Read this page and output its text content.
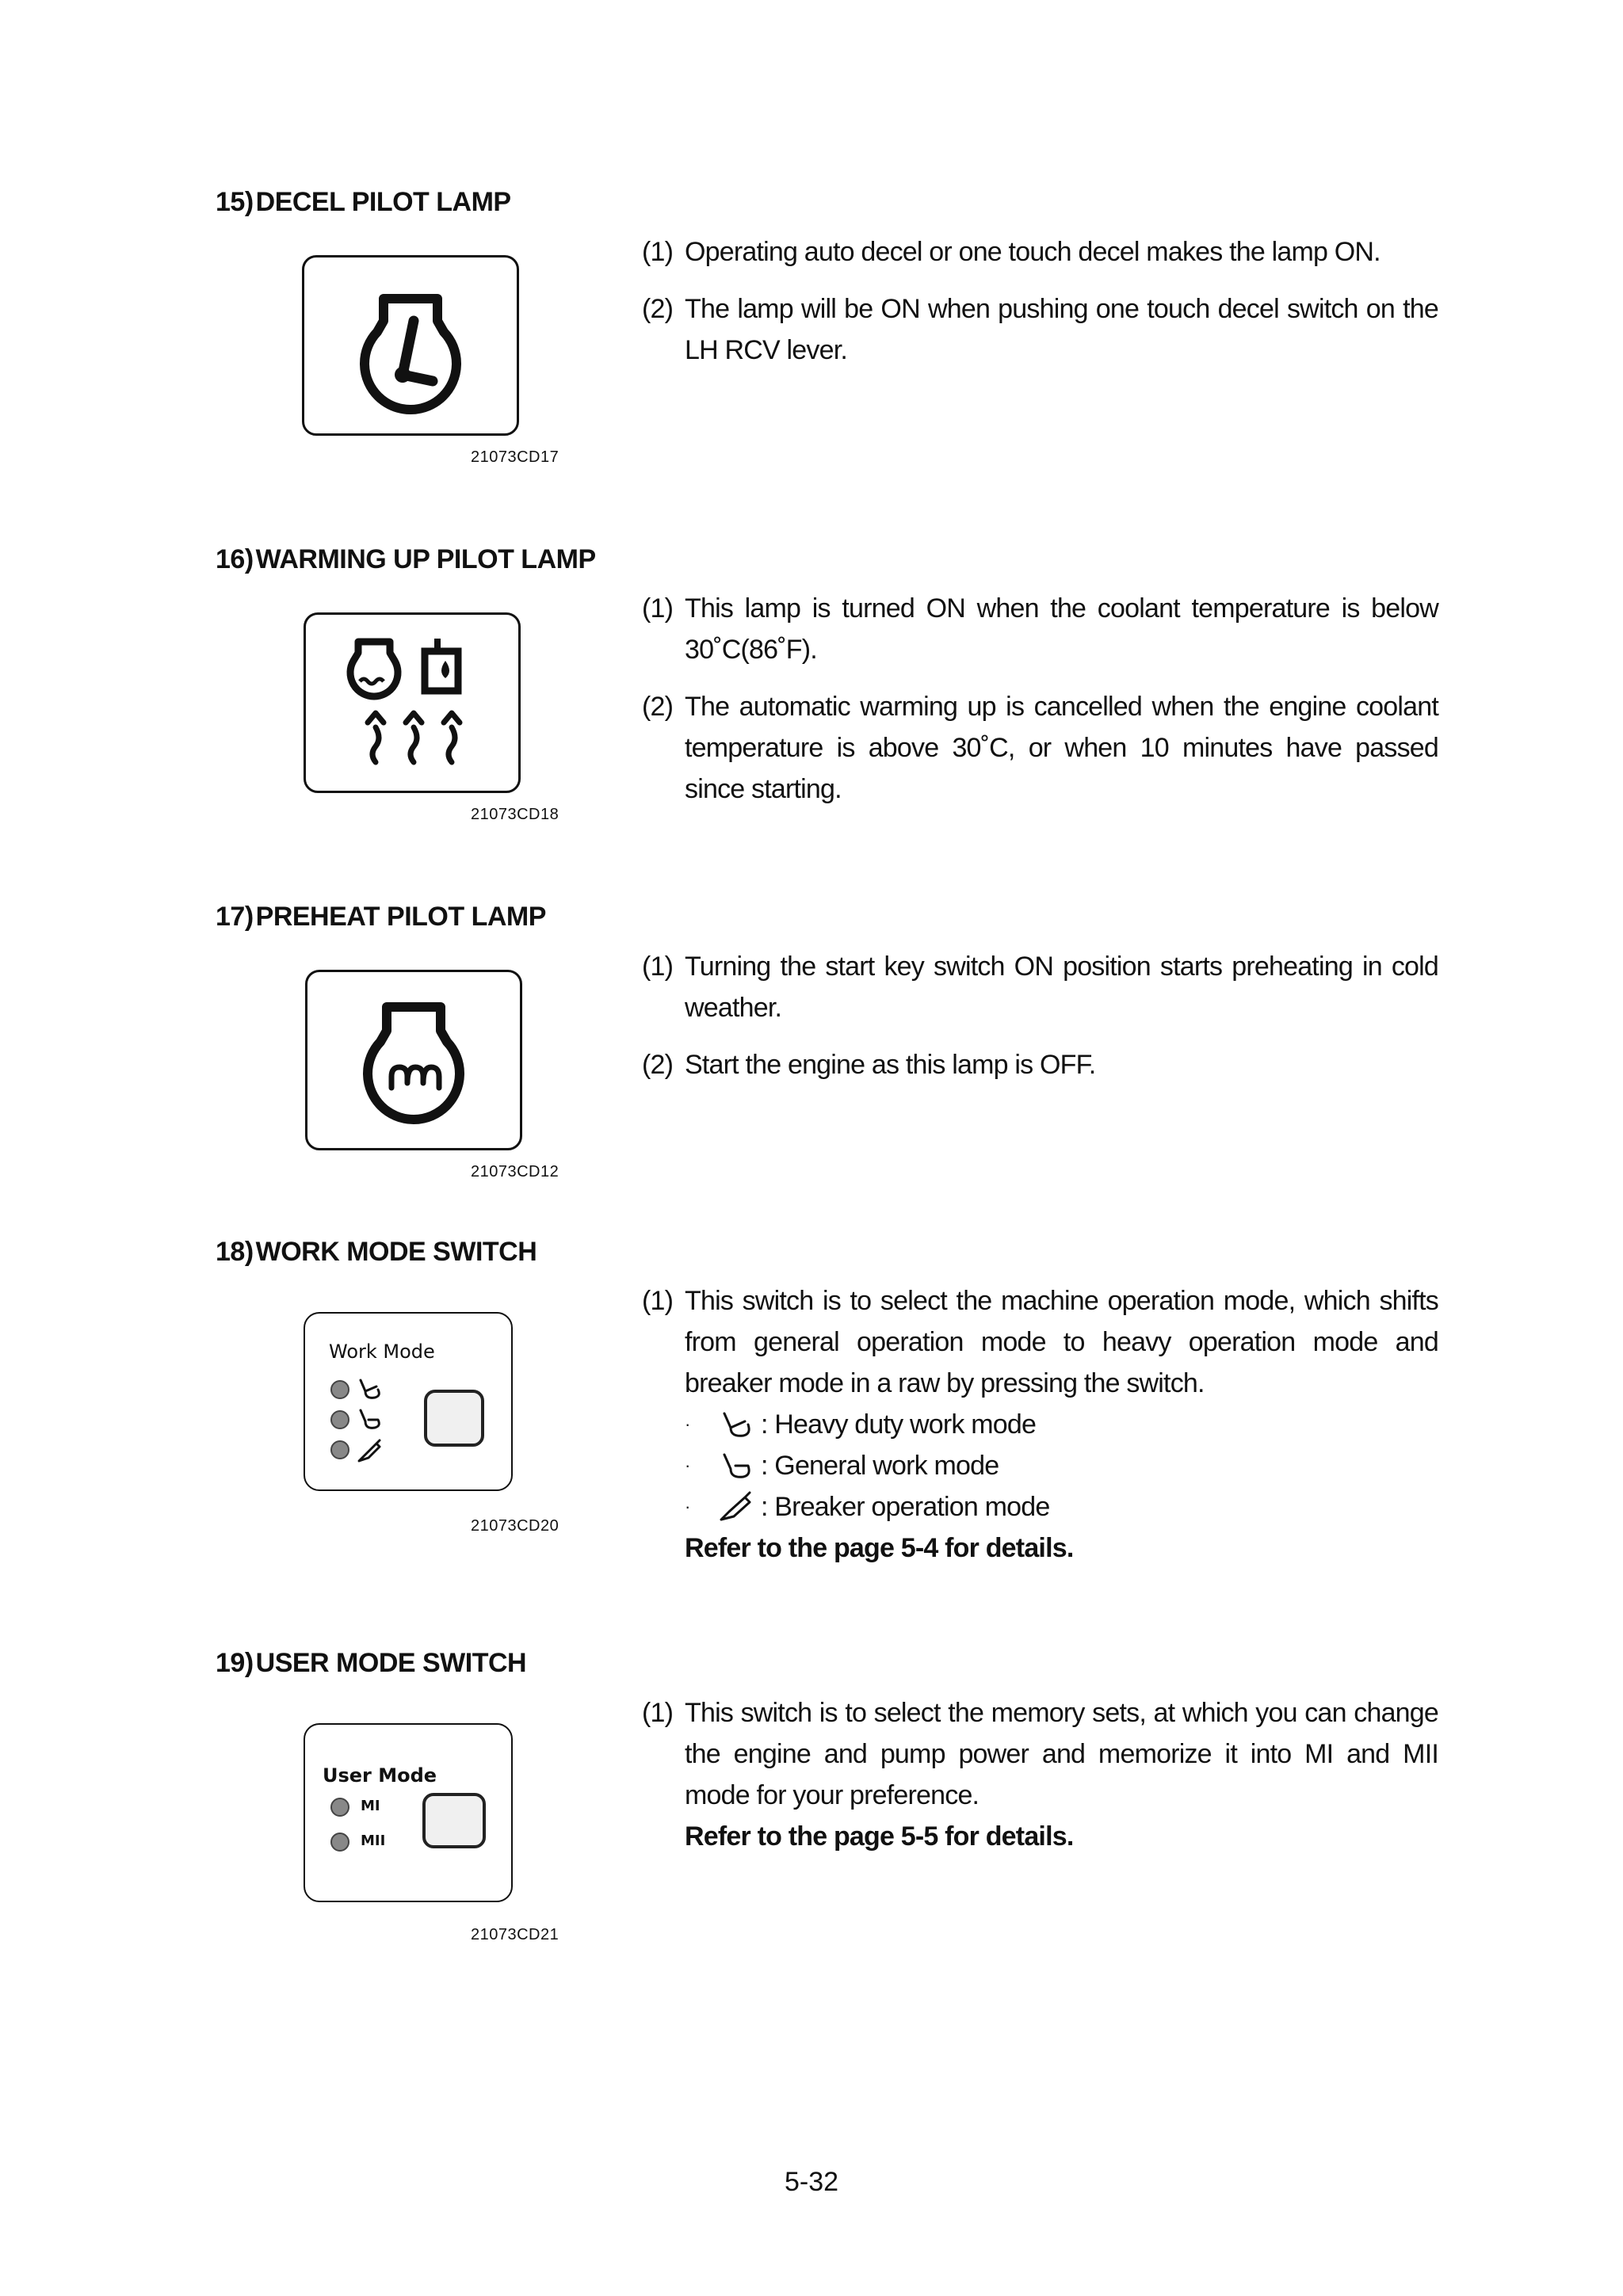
15)DECEL PILOT LAMP
21073CD17
(1) Operating auto decel or one touch decel makes the lamp ON.
(2) The lamp will be ON when pushing one touch decel switch on the LH RCV lever.
16)WARMING UP PILOT LAMP
21073CD18
(1) This lamp is turned ON when the coolant temperature is below 30˚C(86˚F).
(2) The automatic warming up is cancelled when the engine coolant temperature is above 30˚C, or when 10 minutes have passed since starting.
17)PREHEAT PILOT LAMP
21073CD12
(1) Turning the start key switch ON position starts preheating in cold weather.
(2) Start the engine as this lamp is OFF.
18)WORK MODE SWITCH
Work Mode
21073CD20
(1) This switch is to select the machine operation mode, which shifts from general operation mode to heavy operation mode and breaker mode in a raw by pressing the switch.
·	: Heavy duty work mode
·	: General work mode
·	: Breaker operation mode
Refer to the page 5-4 for details.
19)USER MODE SWITCH
User Mode
MI
MII
21073CD21
(1) This switch is to select the memory sets, at which you can change the engine and pump power and memorize it into MI and MII mode for your preference.
Refer to the page 5-5 for details.
5-32
